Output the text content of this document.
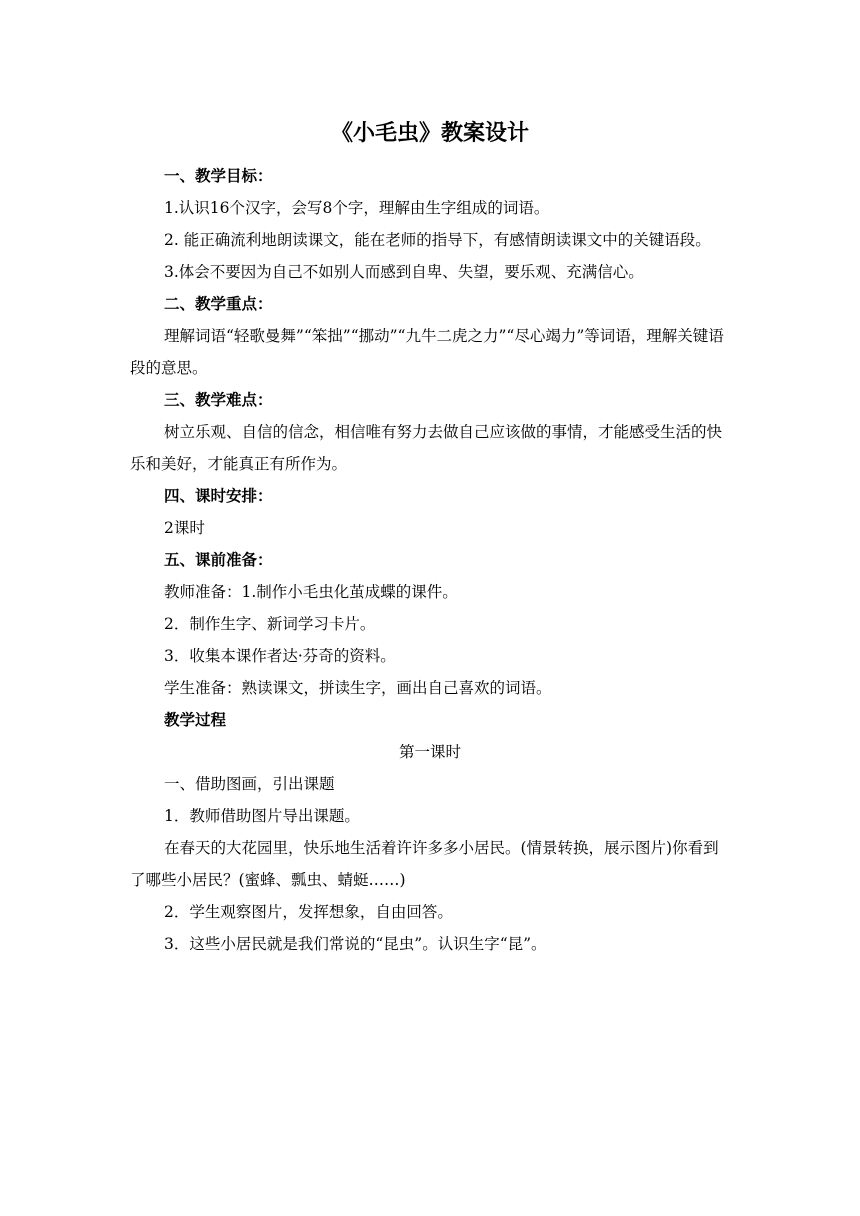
《小毛虫》教案设计

一、教学目标：

1.认识16个汉字，会写8个字，理解由生字组成的词语。

2. 能正确流利地朗读课文，能在老师的指导下，有感情朗读课文中的关键语段。

3.体会不要因为自己不如别人而感到自卑、失望，要乐观、充满信心。

二、教学重点：

理解词语“轻歌曼舞”“笨拙”“挪动”“九牛二虎之力”“尽心竭力”等词语，理解关键语段的意思。

三、教学难点：

树立乐观、自信的信念，相信唯有努力去做自己应该做的事情，才能感受生活的快乐和美好，才能真正有所作为。

四、课时安排：

2课时

五、课前准备：

教师准备：1.制作小毛虫化茧成蝶的课件。

2．制作生字、新词学习卡片。

3．收集本课作者达·芬奇的资料。

学生准备：熟读课文，拼读生字，画出自己喜欢的词语。

教学过程

第一课时

一、借助图画，引出课题

1．教师借助图片导出课题。

在春天的大花园里，快乐地生活着许许多多小居民。(情景转换，展示图片)你看到了哪些小居民？(蜜蜂、瓢虫、蜻蜓……)

2．学生观察图片，发挥想象，自由回答。

3．这些小居民就是我们常说的“昆虫”。认识生字“昆”。
